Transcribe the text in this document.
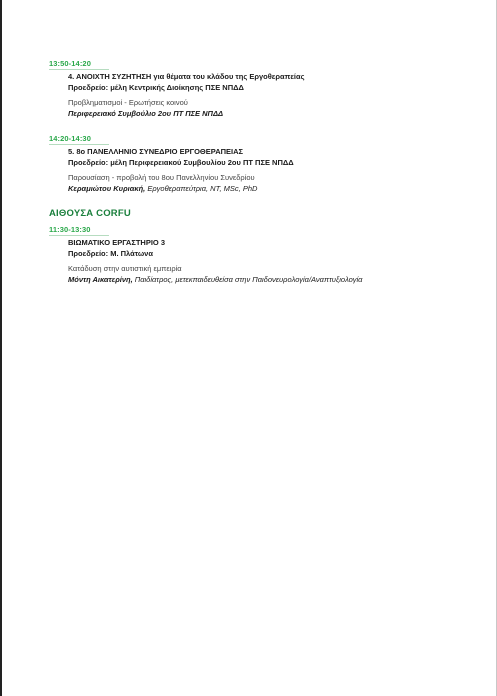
13:50-14:20
4. ΑΝΟΙΧΤΗ ΣΥΖΗΤΗΣΗ για θέματα του κλάδου της Εργοθεραπείας
Προεδρείο: μέλη Κεντρικής Διοίκησης ΠΣΕ ΝΠΔΔ
Προβληματισμοί - Ερωτήσεις κοινού
Περιφερειακό Συμβούλιο 2ου ΠΤ ΠΣΕ ΝΠΔΔ
14:20-14:30
5. 8ο ΠΑΝΕΛΛΗΝΙΟ ΣΥΝΕΔΡΙΟ ΕΡΓΟΘΕΡΑΠΕΙΑΣ
Προεδρείο: μέλη Περιφερειακού Συμβουλίου 2ου ΠΤ ΠΣΕ ΝΠΔΔ
Παρουσίαση - προβολή του 8ου Πανελληνίου Συνεδρίου
Κεραμιώτου Κυριακή, Εργοθεραπεύτρια, ΝΤ, MSc, PhD
ΑΙΘΟΥΣΑ CORFU
11:30-13:30
ΒΙΩΜΑΤΙΚΟ ΕΡΓΑΣΤΗΡΙΟ 3
Προεδρείο: Μ. Πλάτωνα
Κατάδυση στην αυτιστική εμπειρία
Μόντη Αικατερίνη, Παιδίατρος, μετεκπαιδευθείσα στην Παιδονευρολογία/Αναπτυξιολογία
